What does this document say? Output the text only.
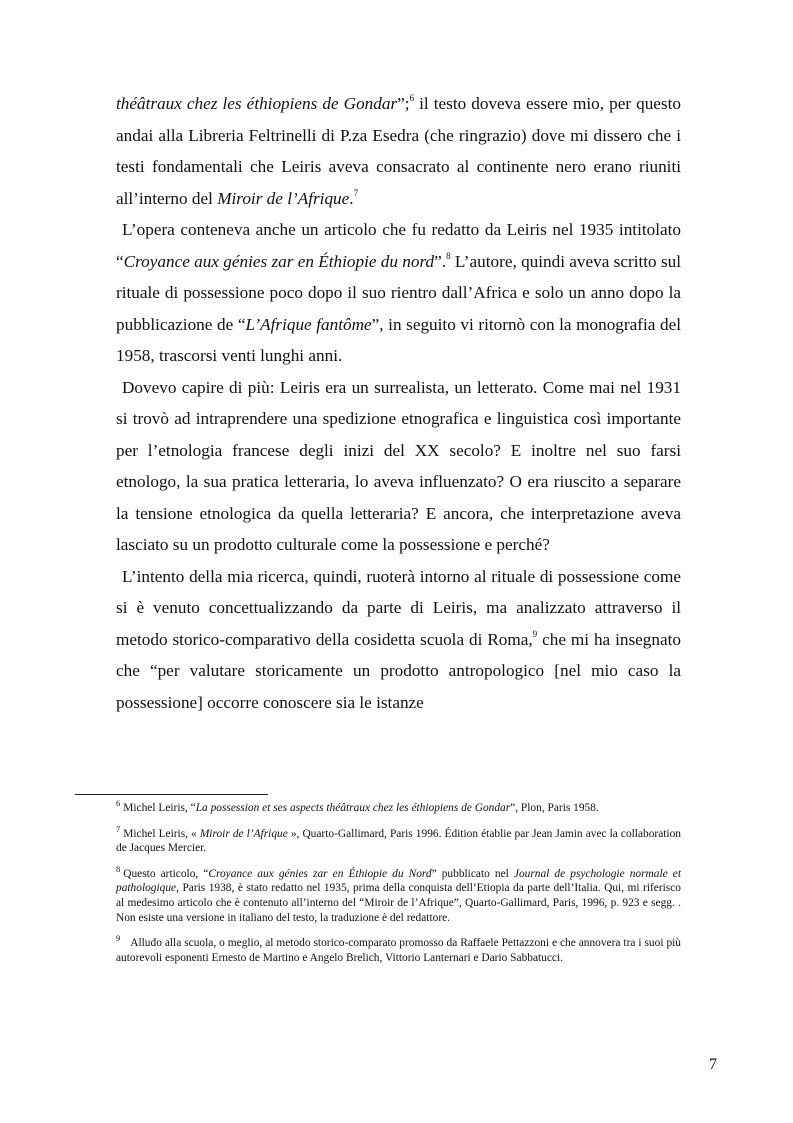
théâtraux chez les éthiopiens de Gondar”;$^6$ il testo doveva essere mio, per questo andai alla Libreria Feltrinelli di P.za Esedra (che ringrazio) dove mi dissero che i testi fondamentali che Leiris aveva consacrato al continente nero erano riuniti all’interno del Miroir de l’Afrique.$^7$

L’opera conteneva anche un articolo che fu redatto da Leiris nel 1935 intitolato “Croyance aux génies zar en Éthiopie du nord”.$^8$ L’autore, quindi aveva scritto sul rituale di possessione poco dopo il suo rientro dall’Africa e solo un anno dopo la pubblicazione de “L’Afrique fantôme”, in seguito vi ritornò con la monografia del 1958, trascorsi venti lunghi anni.

Dovevo capire di più: Leiris era un surrealista, un letterato. Come mai nel 1931 si trovò ad intraprendere una spedizione etnografica e linguistica così importante per l’etnologia francese degli inizi del XX secolo? E inoltre nel suo farsi etnologo, la sua pratica letteraria, lo aveva influenzato? O era riuscito a separare la tensione etnologica da quella letteraria? E ancora, che interpretazione aveva lasciato su un prodotto culturale come la possessione e perché?

L’intento della mia ricerca, quindi, ruoterà intorno al rituale di possessione come si è venuto concettualizzando da parte di Leiris, ma analizzato attraverso il metodo storico-comparativo della cosidetta scuola di Roma,$^9$ che mi ha insegnato che “per valutare storicamente un prodotto antropologico [nel mio caso la possessione] occorre conoscere sia le istanze

$^6$ Michel Leiris, “La possession et ses aspects théâtraux chez les éthiopiens de Gondar”, Plon, Paris 1958.

$^7$ Michel Leiris, « Miroir de l’Afrique », Quarto-Gallimard, Paris 1996. Édition établie par Jean Jamin avec la collaboration de Jacques Mercier.

$^8$ Questo articolo, “Croyance aux génies zar en Éthiopie du Nord” pubblicato nel Journal de psychologie normale et pathologique, Paris 1938, è stato redatto nel 1935, prima della conquista dell’Etiopia da parte dell’Italia. Qui, mi riferisco al medesimo articolo che è contenuto all’interno del “Miroir de l’Afrique”, Quarto-Gallimard, Paris, 1996, p. 923 e segg. . Non esiste una versione in italiano del testo, la traduzione è del redattore.

$^9$ Alludo alla scuola, o meglio, al metodo storico-comparato promosso da Raffaele Pettazzoni e che annovera tra i suoi più autorevoli esponenti Ernesto de Martino e Angelo Brelich, Vittorio Lanternari e Dario Sabbatucci.

7
